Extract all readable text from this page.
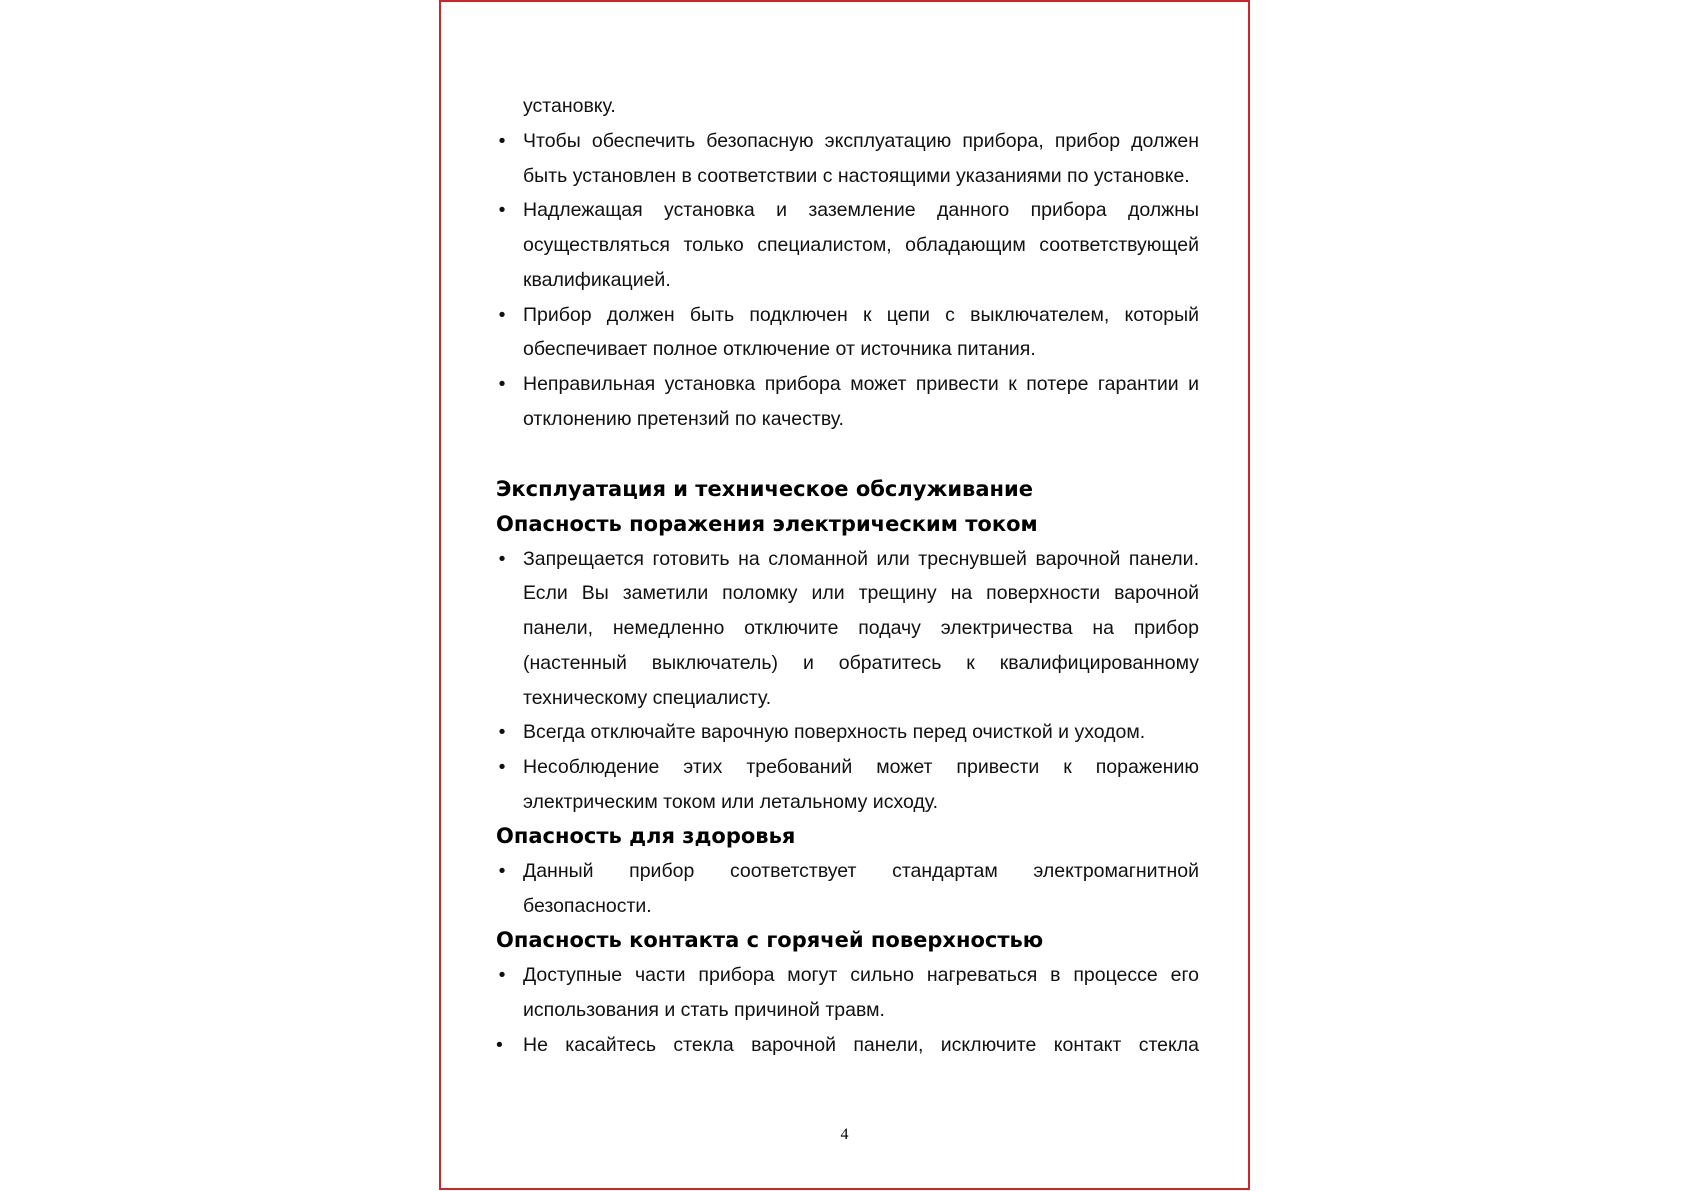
установку.

• Чтобы обеспечить безопасную эксплуатацию прибора, прибор должен быть установлен в соответствии с настоящими указаниями по установке.
• Надлежащая установка и заземление данного прибора должны осуществляться только специалистом, обладающим соответствующей квалификацией.
• Прибор должен быть подключен к цепи с выключателем, который обеспечивает полное отключение от источника питания.
• Неправильная установка прибора может привести к потере гарантии и отклонению претензий по качеству.
Эксплуатация и техническое обслуживание
Опасность поражения электрическим током
• Запрещается готовить на сломанной или треснувшей варочной панели. Если Вы заметили поломку или трещину на поверхности варочной панели, немедленно отключите подачу электричества на прибор (настенный выключатель) и обратитесь к квалифицированному техническому специалисту.
• Всегда отключайте варочную поверхность перед очисткой и уходом.
• Несоблюдение этих требований может привести к поражению электрическим током или летальному исходу.
Опасность для здоровья
• Данный прибор соответствует стандартам электромагнитной безопасности.
Опасность контакта с горячей поверхностью
• Доступные части прибора могут сильно нагреваться в процессе его использования и стать причиной травм.
• Не касайтесь стекла варочной панели, исключите контакт стекла
4
